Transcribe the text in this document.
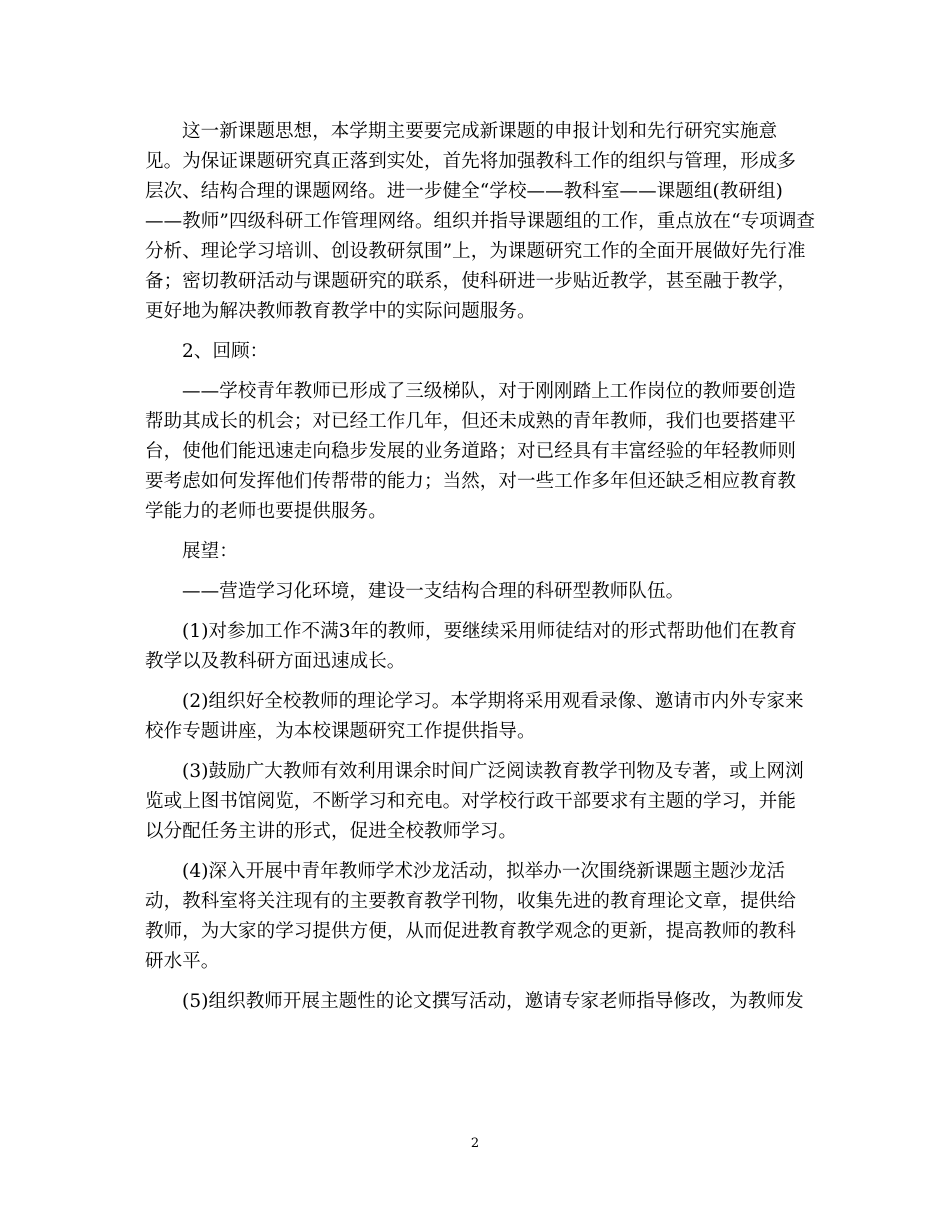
这一新课题思想，本学期主要要完成新课题的申报计划和先行研究实施意
见。为保证课题研究真正落到实处，首先将加强教科工作的组织与管理，形成多
层次、结构合理的课题网络。进一步健全“学校——教科室——课题组(教研组)
——教师”四级科研工作管理网络。组织并指导课题组的工作，重点放在“专项调查
分析、理论学习培训、创设教研氛围”上，为课题研究工作的全面开展做好先行准
备；密切教研活动与课题研究的联系，使科研进一步贴近教学，甚至融于教学，
更好地为解决教师教育教学中的实际问题服务。
2、回顾：
——学校青年教师已形成了三级梯队，对于刚刚踏上工作岗位的教师要创造
帮助其成长的机会；对已经工作几年，但还未成熟的青年教师，我们也要搭建平
台，使他们能迅速走向稳步发展的业务道路；对已经具有丰富经验的年轻教师则
要考虑如何发挥他们传帮带的能力；当然，对一些工作多年但还缺乏相应教育教
学能力的老师也要提供服务。
展望：
——营造学习化环境，建设一支结构合理的科研型教师队伍。
(1)对参加工作不满3年的教师，要继续采用师徒结对的形式帮助他们在教育
教学以及教科研方面迅速成长。
(2)组织好全校教师的理论学习。本学期将采用观看录像、邀请市内外专家来
校作专题讲座，为本校课题研究工作提供指导。
(3)鼓励广大教师有效利用课余时间广泛阅读教育教学刊物及专著，或上网浏
览或上图书馆阅览，不断学习和充电。对学校行政干部要求有主题的学习，并能
以分配任务主讲的形式，促进全校教师学习。
(4)深入开展中青年教师学术沙龙活动，拟举办一次围绕新课题主题沙龙活
动，教科室将关注现有的主要教育教学刊物，收集先进的教育理论文章，提供给
教师，为大家的学习提供方便，从而促进教育教学观念的更新，提高教师的教科
研水平。
(5)组织教师开展主题性的论文撰写活动，邀请专家老师指导修改，为教师发
2
